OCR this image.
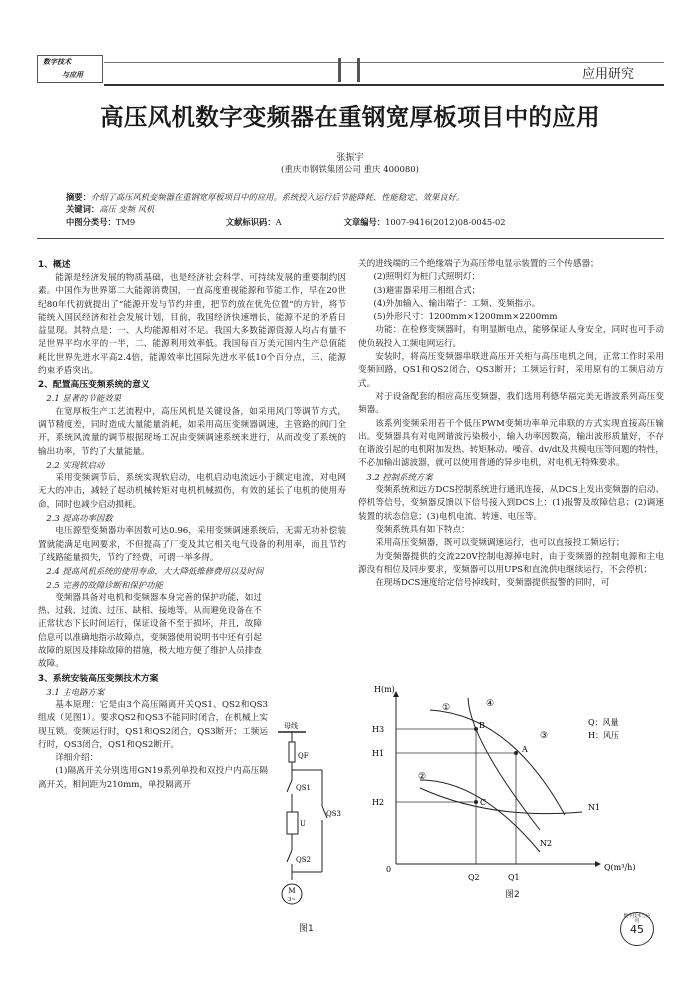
数字技术
与应用	应用研究
高压风机数字变频器在重钢宽厚板项目中的应用
张振宇
(重庆市钢铁集团公司 重庆 400080)
摘要：介绍了高压风机变频器在重钢宽厚板项目中的应用。系统投入运行后节能降耗、性能稳定、效果良好。
关键词：高压 变频 风机
中图分类号：TM9	文献标识码：A	文章编号：1007-9416(2012)08-0045-02
1、概述

能源是经济发展的物质基础，也是经济社会科学、可持续发展的重要制约因素。中国作为世界第二大能源消费国，一直高度重视能源和节能工作，早在20世纪80年代初就提出了“能源开发与节约并重，把节约放在优先位置”的方针，将节能统入国民经济和社会发展计划，目前，我国经济快速增长，能源不足的矛盾日益显现。其特点是：一、人均能源相对不足。我国大多数能源资源人均占有量不足世界平均水平的一半，二、能源利用效率低。我国每百万美元国内生产总值能耗比世界先进水平高2.4倍，能源效率比国际先进水平低10个百分点，三、能源约束矛盾突出。

2、配置高压变频系统的意义
2.1 显著的节能效果

在宽厚板生产工艺流程中，高压风机是关键设备，如采用风门等调节方式，调节精度差，同时造成大量能量消耗，如采用高压变频器调速，主管路的阀门全开，系统风流量的调节根据现场工况由变频调速系统来进行，从而改变了系统的输出功率，节约了大量能量。

2.2 实现软启动

采用变频调节后，系统实现软启动，电机启动电流远小于额定电流，对电网无大的冲击，减轻了起动机械转矩对电机机械损伤，有效的延长了电机的使用寿命，同时也减少启动损耗。

2.3 提高功率因数

电压源型变频器功率因数可达0.96，采用变频调速系统后，无需无功补偿装置就能满足电网要求，不但提高了厂变及其它相关电气设备的利用率，而且节约了线路能量损失，节约了经费，可谓一举多得。

2.4 提高风机系统的使用寿命，大大降低维修费用以及时间
2.5 完善的故障诊断和保护功能

变频器具备对电机和变频器本身完善的保护功能，如过热、过载、过流、过压、缺相、接地等，从而避免设备在不正常状态下长时间运行，保证设备不至于损坏，并且，故障信息可以准确地指示故障点，变频器使用说明书中还有引起故障的原因及排除故障的措施，极大地方便了维护人员排查故障。

3、系统安装高压变频技术方案
3.1 主电路方案

基本原理：它是由3个高压隔离开关QS1、QS2和QS3组成（见图1）。要求QS2和QS3不能同时闭合，在机械上实现互锁。变频运行时，QS1和QS2闭合，QS3断开；工频运行时，QS3闭合，QS1和QS2断开。

详细介绍：

(1)隔离开关分别选用GN19系列单投和双投户内高压隔离开关，相间距为210mm，单投隔离开

母线
QF
QS1
U
QS2
QS3
M
3~
图1

关的进线端的三个绝缘端子为高压带电显示装置的三个传感器；

(2)照明灯为桩门式照明灯；
(3)避雷器采用三相组合式；
(4)外加输入、输出端子：工频、变频指示。
(5)外形尺寸：1200mm×1200mm×2200mm

功能：在检修变频器时，有明显断电点，能够保证人身安全，同时也可手动使负载投入工频电网运行。

安装时，将高压变频器串联进高压开关柜与高压电机之间，正常工作时采用变频回路，QS1和QS2闭合，QS3断开；工频运行时，采用原有的工频启动方式。

对于设备配套的相应高压变频器，我们选用利德华福完美无谐波系列高压变频器。

该系列变频采用若干个低压PWM变频功率单元串联的方式实现直接高压输出。变频器具有对电网谐波污染极小，输入功率因数高，输出波形质量好，不存在谐波引起的电机附加发热、转矩脉动、噪音、dv/dt及共模电压等问题的特性，不必加输出滤波器，就可以使用普通的异步电机，对电机无特殊要求。

3.2 控制系统方案

变频系统和远方DCS控制系统进行通讯连接，从DCS上发出变频器的启动、停机等信号，变频器反馈以下信号接入到DCS上：(1)报警及故障信息；(2)调速装置的状态信息；(3)电机电流、转速、电压等。

变频系统具有如下特点：

采用高压变频器，既可以变频调速运行，也可以直接投工频运行；

为变频器提供的交流220V控制电源掉电时，由于变频器的控制电源和主电源没有相位及同步要求，变频器可以用UPS和直流供电继续运行，不会停机；

在现场DCS速度给定信号掉线时，变频器提供报警的同时，可

H(m)
Q(m³/h)
0
H3
H1
H2
Q2	Q1
①
②
③
④
A
B
C
N1
N2
Q：风量
H：风压
图2
数字技术与应用
45
